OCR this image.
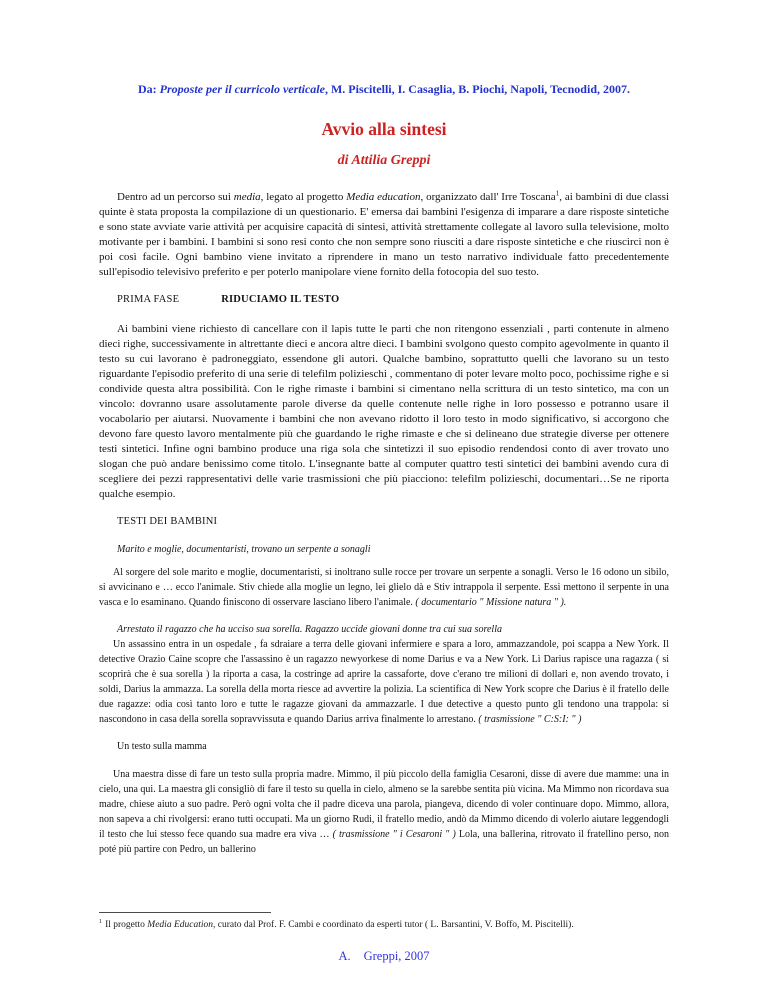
Da: Proposte per il curricolo verticale, M. Piscitelli, I. Casaglia, B. Piochi, Napoli, Tecnodid, 2007.
Avvio alla sintesi
di Attilia Greppi
Dentro ad un percorso sui media, legato al progetto Media education, organizzato dall' Irre Toscana$^1$, ai bambini di due classi quinte è stata proposta la compilazione di un questionario. E' emersa dai bambini l'esigenza di imparare a dare risposte sintetiche e sono state avviate varie attività per acquisire capacità di sintesi, attività strettamente collegate al lavoro sulla televisione, molto motivante per i bambini. I bambini si sono resi conto che non sempre sono riusciti a dare risposte sintetiche e che riuscirci non è poi così facile. Ogni bambino viene invitato a riprendere in mano un testo narrativo individuale fatto precedentemente sull'episodio televisivo preferito e per poterlo manipolare viene fornito della fotocopia del suo testo.
PRIMA FASE	RIDUCIAMO IL TESTO
Ai bambini viene richiesto di cancellare con il lapis tutte le parti che non ritengono essenziali , parti contenute in almeno dieci righe, successivamente in altrettante dieci e ancora altre dieci. I bambini svolgono questo compito agevolmente in quanto il testo su cui lavorano è padroneggiato, essendone gli autori. Qualche bambino, soprattutto quelli che lavorano su un testo riguardante l'episodio preferito di una serie di telefilm polizieschi , commentano di poter levare molto poco, pochissime righe e si condivide questa altra possibilità. Con le righe rimaste i bambini si cimentano nella scrittura di un testo sintetico, ma con un vincolo: dovranno usare assolutamente parole diverse da quelle contenute nelle righe in loro possesso e potranno usare il vocabolario per aiutarsi. Nuovamente i bambini che non avevano ridotto il loro testo in modo significativo, si accorgono che devono fare questo lavoro mentalmente più che guardando le righe rimaste e che si delineano due strategie diverse per ottenere testi sintetici. Infine ogni bambino produce una riga sola che sintetizzi il suo episodio rendendosi conto di aver trovato uno slogan che può andare benissimo come titolo. L'insegnante batte al computer quattro testi sintetici dei bambini avendo cura di scegliere dei pezzi rappresentativi delle varie trasmissioni che più piacciono: telefilm polizieschi, documentari…Se ne riporta qualche esempio.
TESTI DEI BAMBINI
Marito e moglie, documentaristi, trovano un serpente a sonagli
Al sorgere del sole marito e moglie, documentaristi, si inoltrano sulle rocce per trovare un serpente a sonagli. Verso le 16 odono un sibilo, si avvicinano e … ecco l'animale. Stiv chiede alla moglie un legno, lei glielo dà e Stiv intrappola il serpente. Essi mettono il serpente in una vasca e lo esaminano. Quando finiscono di osservare lasciano libero l'animale. ( documentario " Missione natura " ).
Arrestato il ragazzo che ha ucciso sua sorella. Ragazzo uccide giovani donne tra cui sua sorella
Un assassino entra in un ospedale , fa sdraiare a terra delle giovani infermiere e spara a loro, ammazzandole, poi scappa a New York. Il detective Orazio Caine scopre che l'assassino è un ragazzo newyorkese di nome Darius e va a New York. Lì Darius rapisce una ragazza ( si scoprirà che è sua sorella ) la riporta a casa, la costringe ad aprire la cassaforte, dove c'erano tre milioni di dollari e, non avendo trovato, i soldi, Darius la ammazza. La sorella della morta riesce ad avvertire la polizia. La scientifica di New York scopre che Darius è il fratello delle due ragazze: odia così tanto loro e tutte le ragazze giovani da ammazzarle. I due detective a questo punto gli tendono una trappola: si nascondono in casa della sorella sopravvissuta e quando Darius arriva finalmente lo arrestano. ( trasmissione " C:S:I: " )
Un testo sulla mamma
Una maestra disse di fare un testo sulla propria madre. Mimmo, il più piccolo della famiglia Cesaroni, disse di avere due mamme: una in cielo, una qui. La maestra gli consigliò di fare il testo su quella in cielo, almeno se la sarebbe sentita più vicina. Ma Mimmo non ricordava sua madre, chiese aiuto a suo padre. Però ogni volta che il padre diceva una parola, piangeva, dicendo di voler continuare dopo. Mimmo, allora, non sapeva a chi rivolgersi: erano tutti occupati. Ma un giorno Rudi, il fratello medio, andò da Mimmo dicendo di volerlo aiutare leggendogli il testo che lui stesso fece quando sua madre era viva … ( trasmissione " i Cesaroni " ) Lola, una ballerina, ritrovato il fratellino perso, non poté più partire con Pedro, un ballerino
$^1$ Il progetto Media Education, curato dal Prof. F. Cambi e coordinato da esperti tutor ( L. Barsantini, V. Boffo, M. Piscitelli).
A. Greppi, 2007
